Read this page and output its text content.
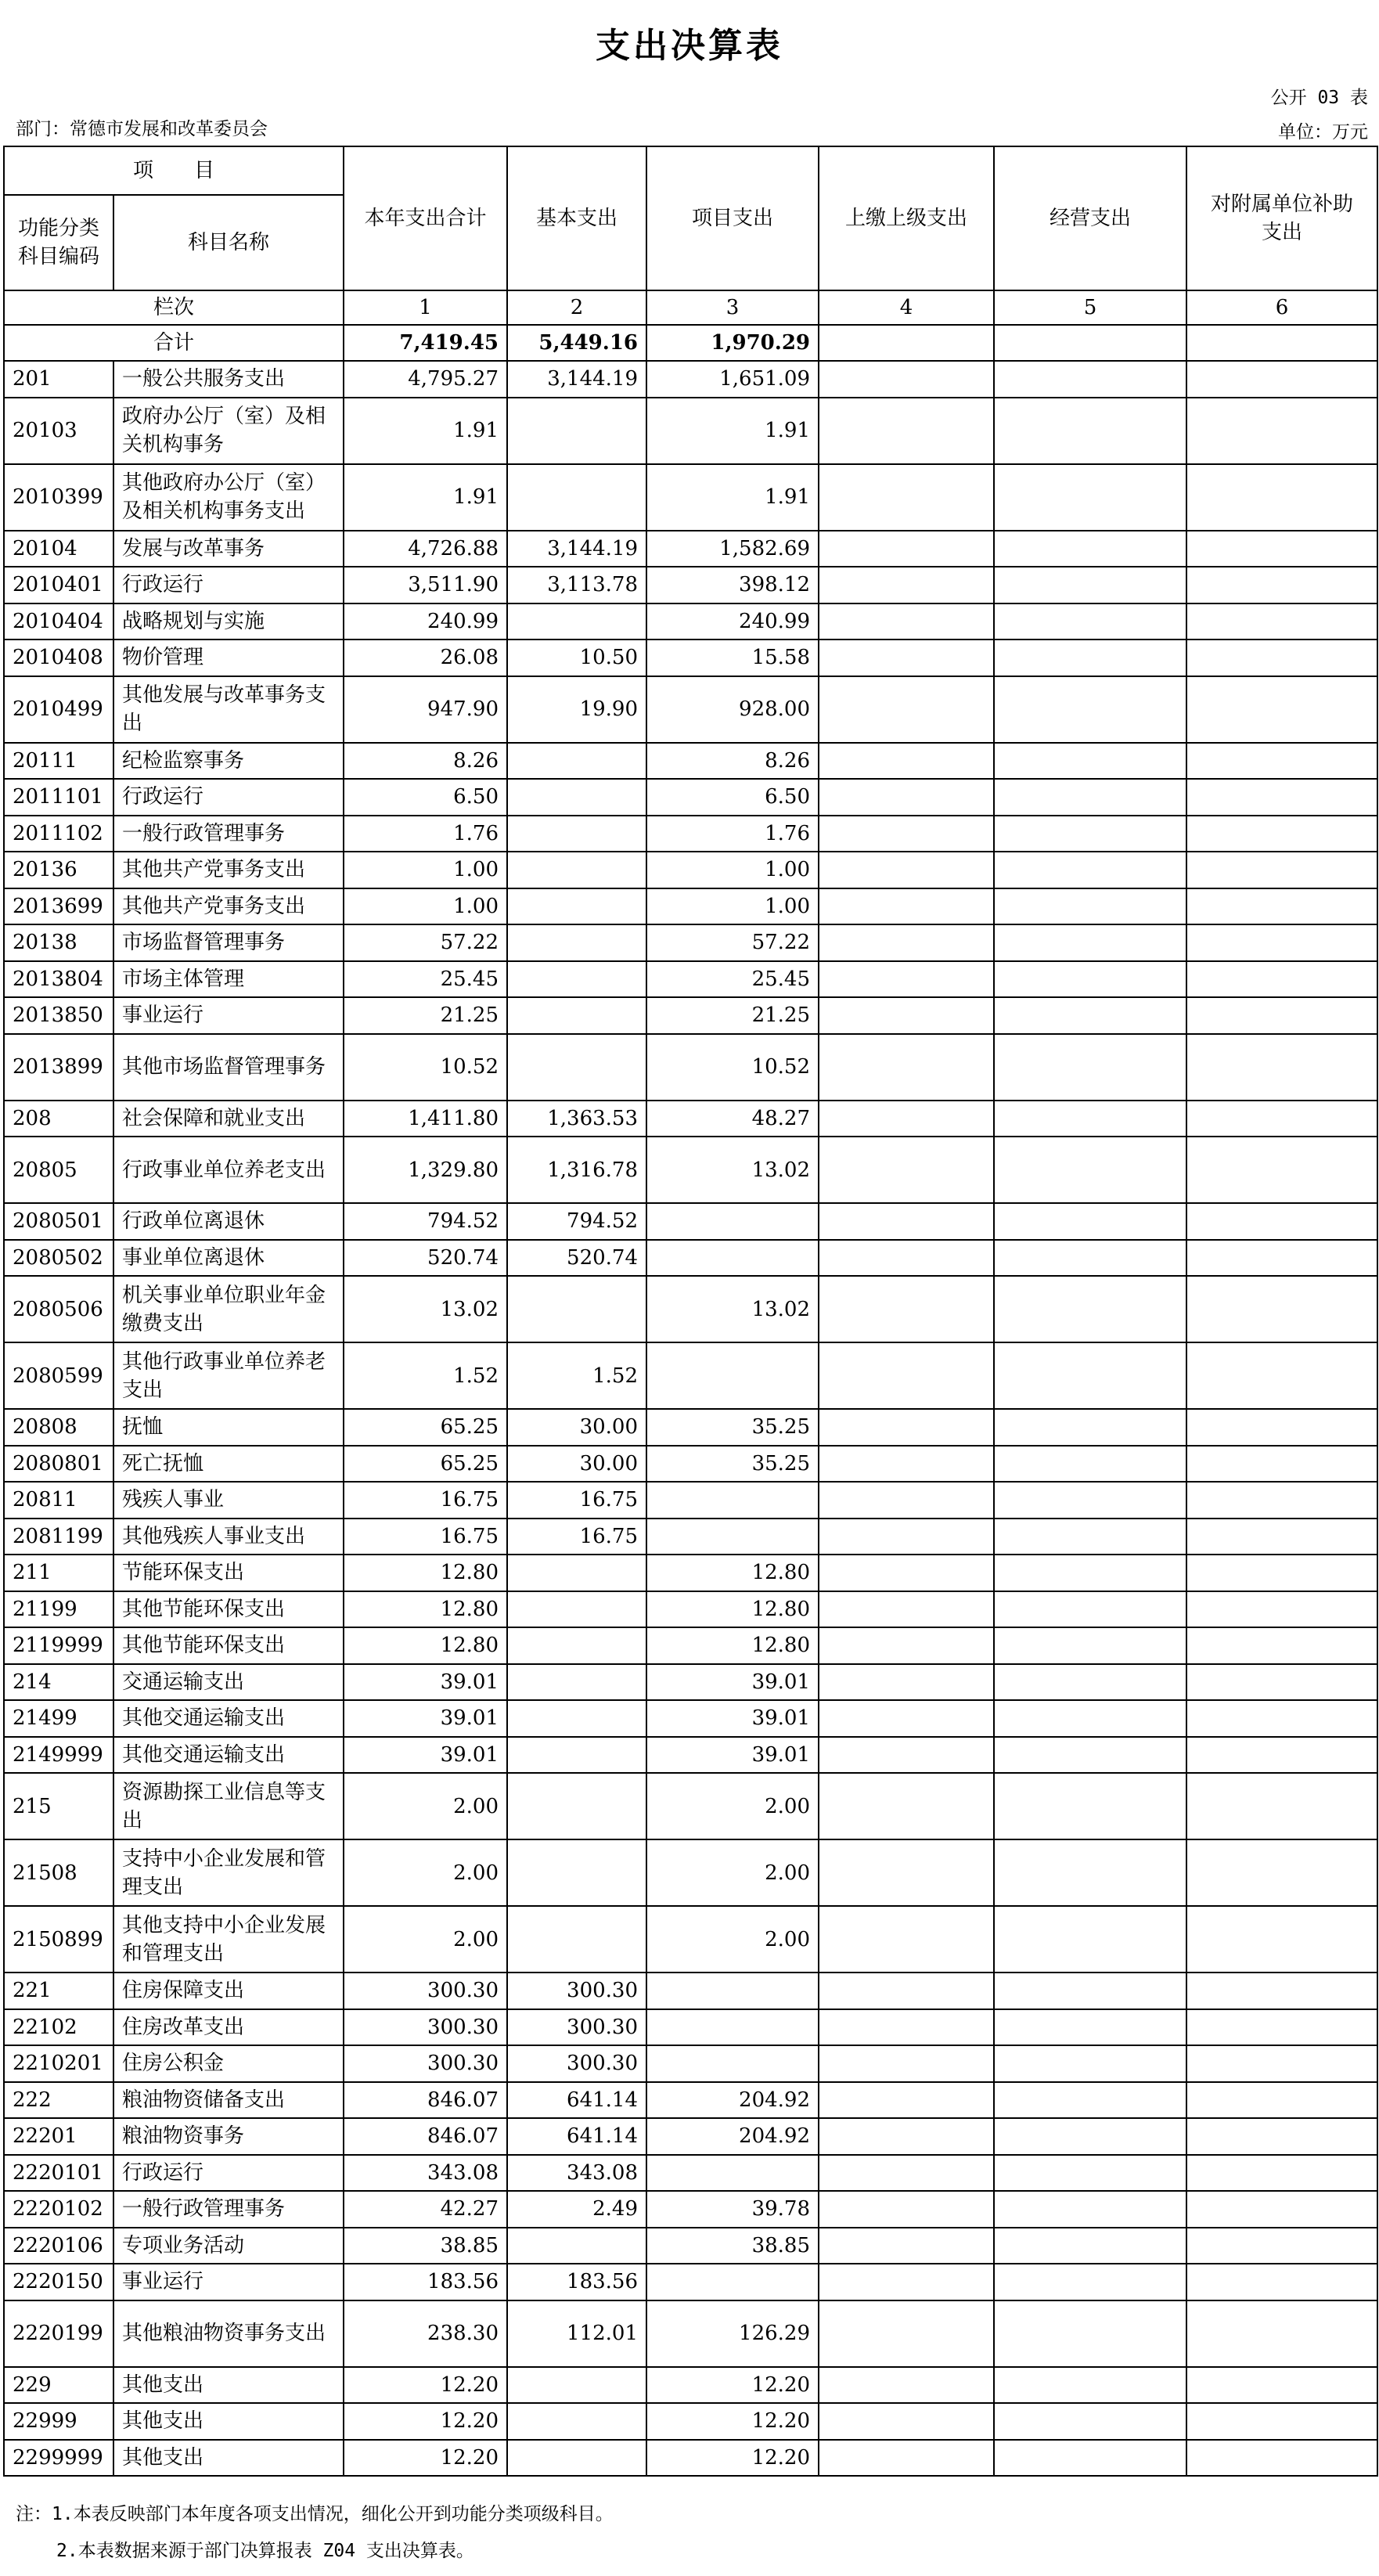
支出决算表
公开 03 表
部门：常德市发展和改革委员会	单位：万元
项　　目		本年支出合计	基本支出	项目支出	上缴上级支出	经营支出	对附属单位补助
支出
功能分类
科目编码	科目名称						
栏次		1	2	3	4	5	6
合计		7,419.45	5,449.16	1,970.29			
201	一般公共服务支出	4,795.27	3,144.19	1,651.09			
20103	政府办公厅（室）及相关机构事务	1.91		1.91			
2010399	其他政府办公厅（室）及相关机构事务支出	1.91		1.91			
20104	发展与改革事务	4,726.88	3,144.19	1,582.69			
2010401	行政运行	3,511.90	3,113.78	398.12			
2010404	战略规划与实施	240.99		240.99			
2010408	物价管理	26.08	10.50	15.58			
2010499	其他发展与改革事务支出	947.90	19.90	928.00			
20111	纪检监察事务	8.26		8.26			
2011101	行政运行	6.50		6.50			
2011102	一般行政管理事务	1.76		1.76			
20136	其他共产党事务支出	1.00		1.00			
2013699	其他共产党事务支出	1.00		1.00			
20138	市场监督管理事务	57.22		57.22			
2013804	市场主体管理	25.45		25.45			
2013850	事业运行	21.25		21.25			
2013899	其他市场监督管理事务	10.52		10.52			
208	社会保障和就业支出	1,411.80	1,363.53	48.27			
20805	行政事业单位养老支出	1,329.80	1,316.78	13.02			
2080501	行政单位离退休	794.52	794.52				
2080502	事业单位离退休	520.74	520.74				
2080506	机关事业单位职业年金缴费支出	13.02		13.02			
2080599	其他行政事业单位养老支出	1.52	1.52				
20808	抚恤	65.25	30.00	35.25			
2080801	死亡抚恤	65.25	30.00	35.25			
20811	残疾人事业	16.75	16.75				
2081199	其他残疾人事业支出	16.75	16.75				
211	节能环保支出	12.80		12.80			
21199	其他节能环保支出	12.80		12.80			
2119999	其他节能环保支出	12.80		12.80			
214	交通运输支出	39.01		39.01			
21499	其他交通运输支出	39.01		39.01			
2149999	其他交通运输支出	39.01		39.01			
215	资源勘探工业信息等支出	2.00		2.00			
21508	支持中小企业发展和管理支出	2.00		2.00			
2150899	其他支持中小企业发展和管理支出	2.00		2.00			
221	住房保障支出	300.30	300.30				
22102	住房改革支出	300.30	300.30				
2210201	住房公积金	300.30	300.30				
222	粮油物资储备支出	846.07	641.14	204.92			
22201	粮油物资事务	846.07	641.14	204.92			
2220101	行政运行	343.08	343.08				
2220102	一般行政管理事务	42.27	2.49	39.78			
2220106	专项业务活动	38.85		38.85			
2220150	事业运行	183.56	183.56				
2220199	其他粮油物资事务支出	238.30	112.01	126.29			
229	其他支出	12.20		12.20			
22999	其他支出	12.20		12.20			
2299999	其他支出	12.20		12.20			
注：1.本表反映部门本年度各项支出情况，细化公开到功能分类项级科目。
2.本表数据来源于部门决算报表 Z04 支出决算表。
